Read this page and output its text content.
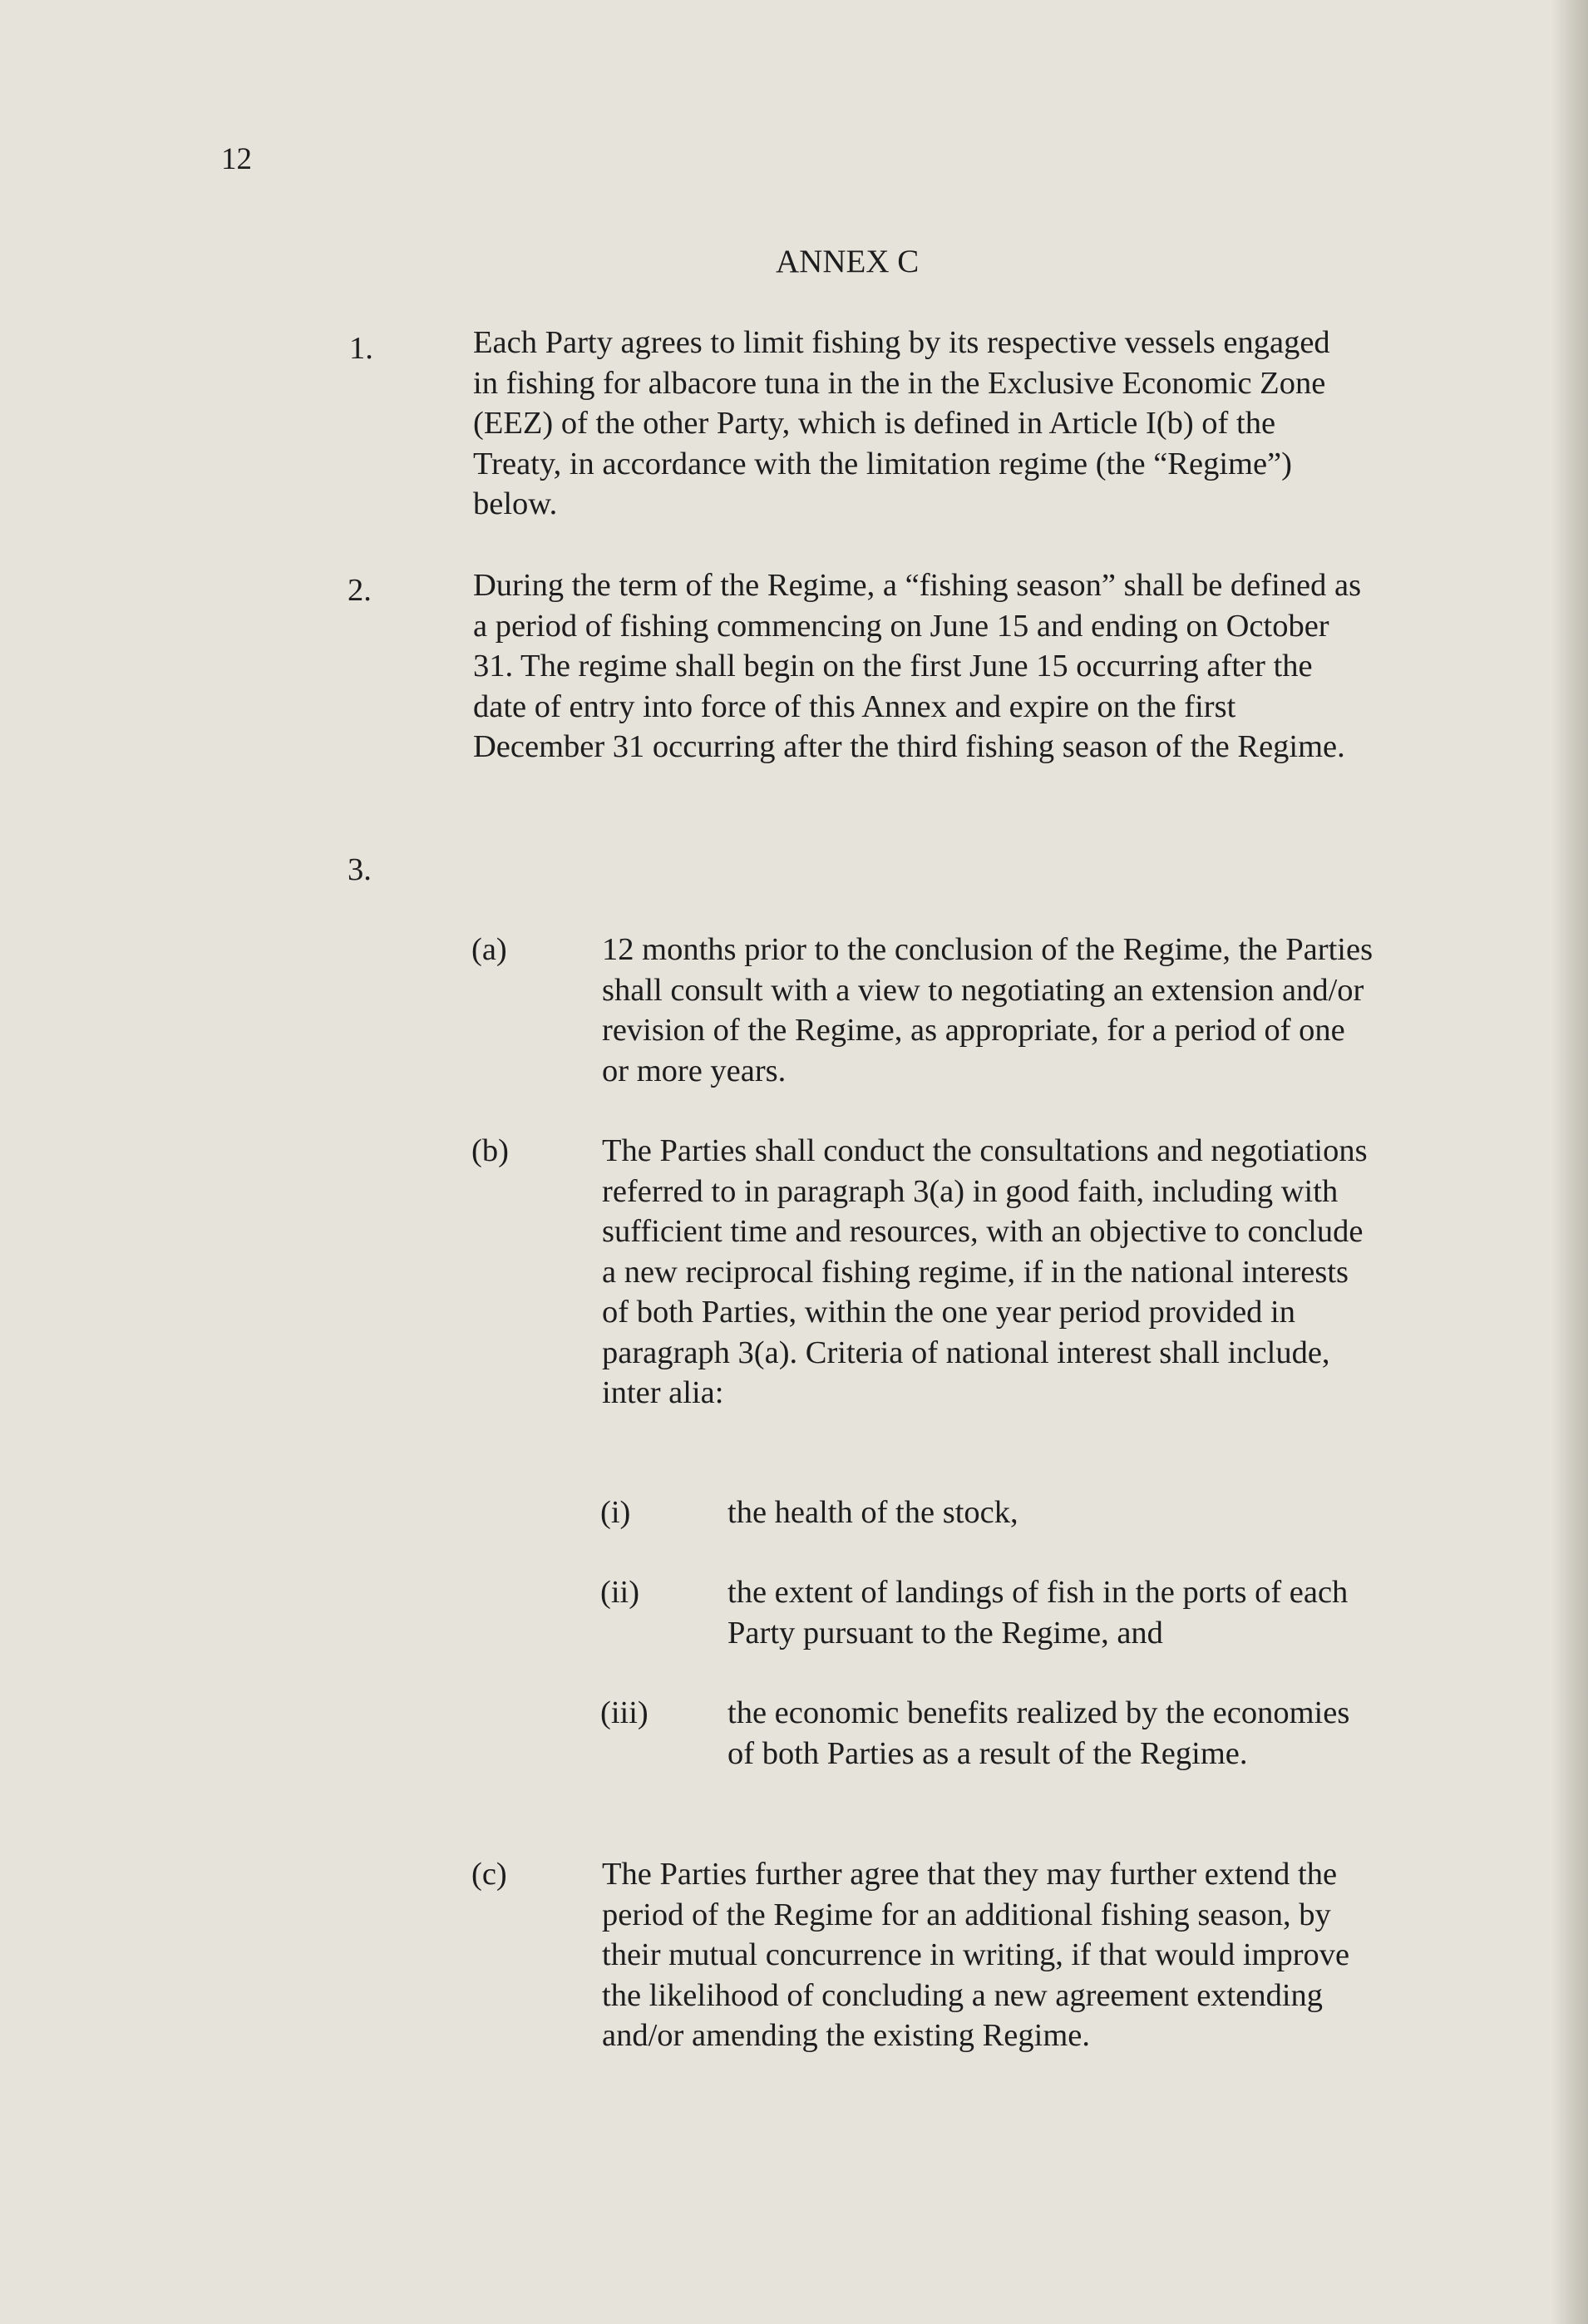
12
ANNEX C
1.	Each Party agrees to limit fishing by its respective vessels engaged in fishing for albacore tuna in the in the Exclusive Economic Zone (EEZ) of the other Party, which is defined in Article I(b) of the Treaty, in accordance with the limitation regime (the “Regime”) below.
2.	During the term of the Regime, a “fishing season” shall be defined as a period of fishing commencing on June 15 and ending on October 31. The regime shall begin on the first June 15 occurring after the date of entry into force of this Annex and expire on the first December 31 occurring after the third fishing season of the Regime.
3.
(a)	12 months prior to the conclusion of the Regime, the Parties shall consult with a view to negotiating an extension and/or revision of the Regime, as appropriate, for a period of one or more years.
(b)	The Parties shall conduct the consultations and negotiations referred to in paragraph 3(a) in good faith, including with sufficient time and resources, with an objective to conclude a new reciprocal fishing regime, if in the national interests of both Parties, within the one year period provided in paragraph 3(a). Criteria of national interest shall include, inter alia:
(i)	the health of the stock,
(ii)	the extent of landings of fish in the ports of each Party pursuant to the Regime, and
(iii) the economic benefits realized by the economies of both Parties as a result of the Regime.
(c)	The Parties further agree that they may further extend the period of the Regime for an additional fishing season, by their mutual concurrence in writing, if that would improve the likelihood of concluding a new agreement extending and/or amending the existing Regime.
